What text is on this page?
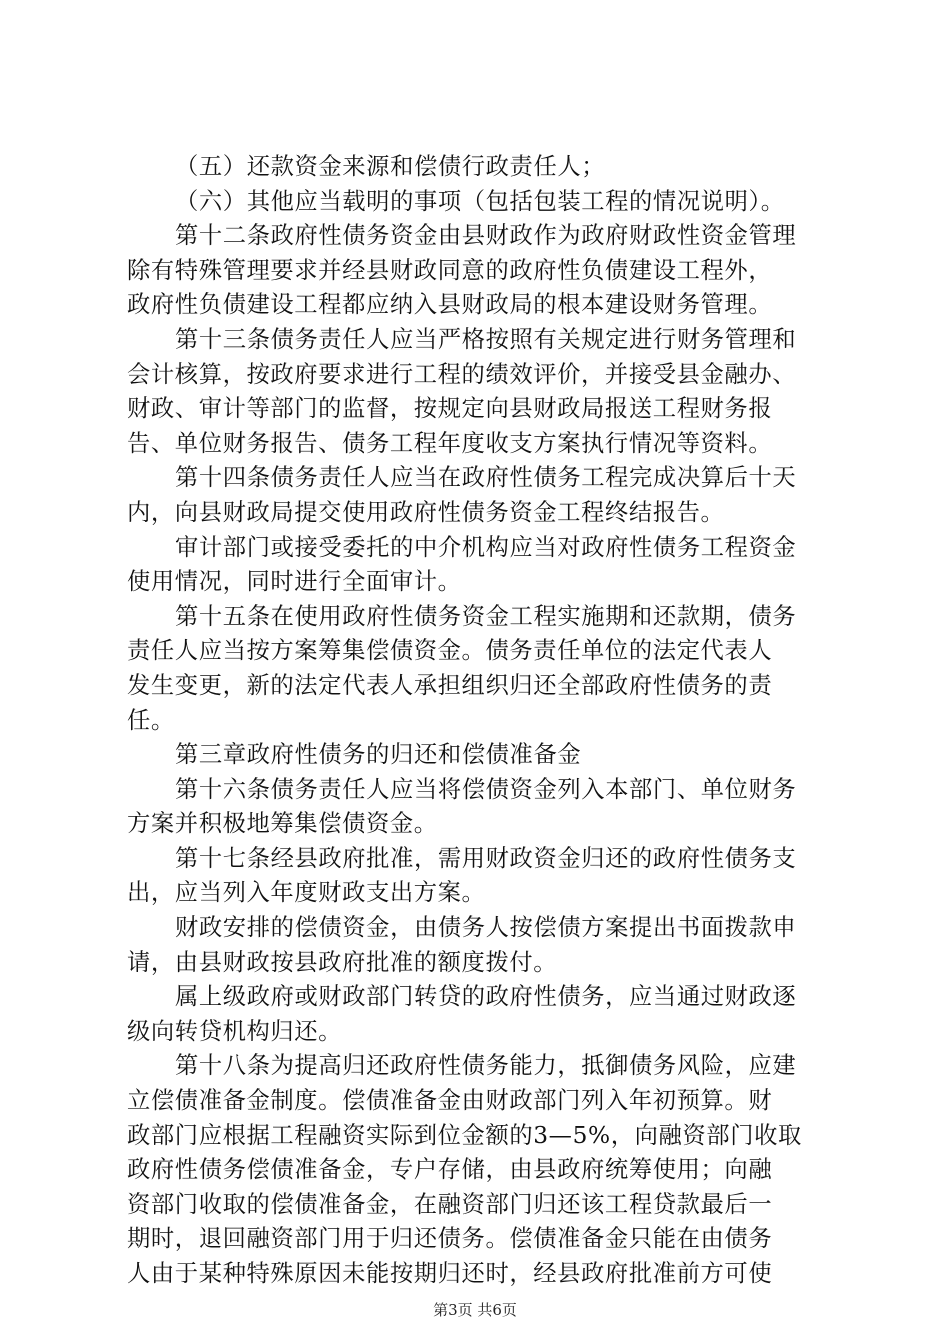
（五）还款资金来源和偿债行政责任人；
（六）其他应当载明的事项（包括包装工程的情况说明）。
第十二条政府性债务资金由县财政作为政府财政性资金管理
除有特殊管理要求并经县财政同意的政府性负债建设工程外，
政府性负债建设工程都应纳入县财政局的根本建设财务管理。
第十三条债务责任人应当严格按照有关规定进行财务管理和
会计核算，按政府要求进行工程的绩效评价，并接受县金融办、
财政、审计等部门的监督，按规定向县财政局报送工程财务报
告、单位财务报告、债务工程年度收支方案执行情况等资料。
第十四条债务责任人应当在政府性债务工程完成决算后十天
内，向县财政局提交使用政府性债务资金工程终结报告。
审计部门或接受委托的中介机构应当对政府性债务工程资金
使用情况，同时进行全面审计。
第十五条在使用政府性债务资金工程实施期和还款期，债务
责任人应当按方案筹集偿债资金。债务责任单位的法定代表人
发生变更，新的法定代表人承担组织归还全部政府性债务的责
任。
第三章政府性债务的归还和偿债准备金
第十六条债务责任人应当将偿债资金列入本部门、单位财务
方案并积极地筹集偿债资金。
第十七条经县政府批准，需用财政资金归还的政府性债务支
出，应当列入年度财政支出方案。
财政安排的偿债资金，由债务人按偿债方案提出书面拨款申
请，由县财政按县政府批准的额度拨付。
属上级政府或财政部门转贷的政府性债务，应当通过财政逐
级向转贷机构归还。
第十八条为提高归还政府性债务能力，抵御债务风险，应建
立偿债准备金制度。偿债准备金由财政部门列入年初预算。财
政部门应根据工程融资实际到位金额的3—5%，向融资部门收取
政府性债务偿债准备金，专户存储，由县政府统筹使用；向融
资部门收取的偿债准备金，在融资部门归还该工程贷款最后一
期时，退回融资部门用于归还债务。偿债准备金只能在由债务
人由于某种特殊原因未能按期归还时，经县政府批准前方可使
第3页 共6页
